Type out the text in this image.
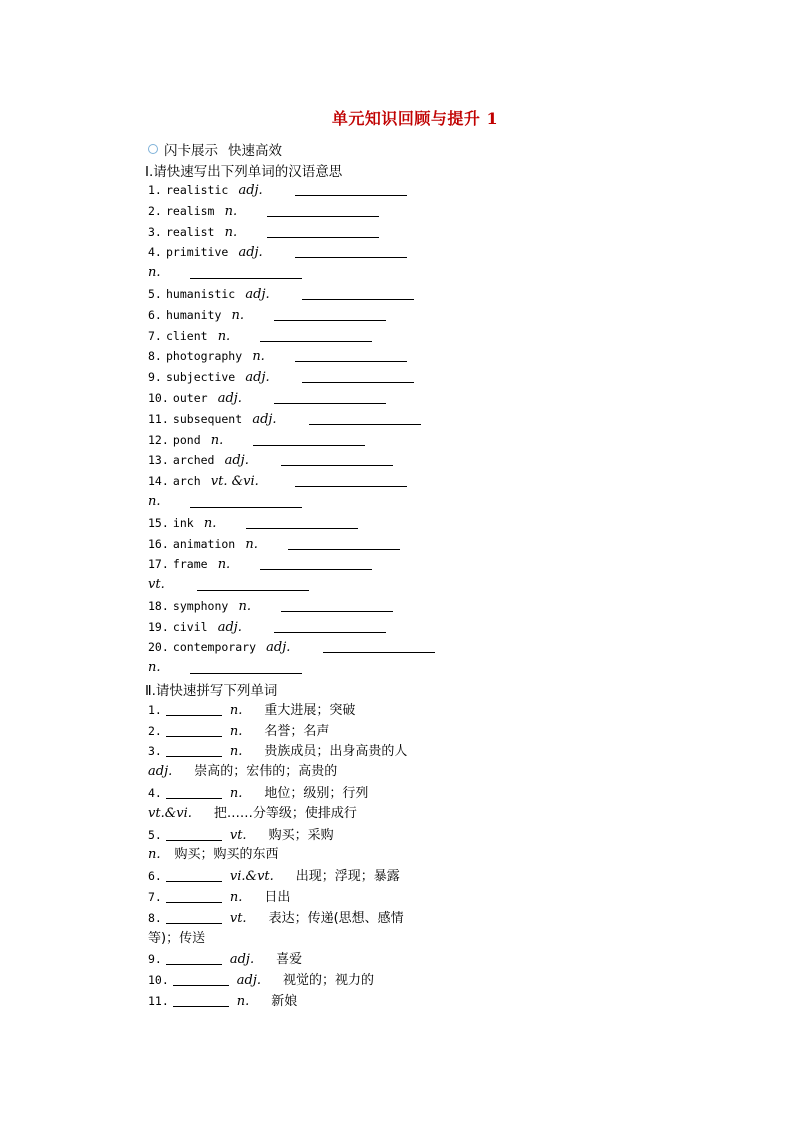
单元知识回顾与提升 1
闪卡展示 快速高效
Ⅰ.请快速写出下列单词的汉语意思
1. realistic adj.
2. realism n.
3. realist n.
4. primitive adj.
n.
5. humanistic adj.
6. humanity n.
7. client n.
8. photography n.
9. subjective adj.
10. outer adj.
11. subsequent adj.
12. pond n.
13. arched adj.
14. arch vt. &vi.
n.
15. ink n.
16. animation n.
17. frame n.
vt.
18. symphony n.
19. civil adj.
20. contemporary adj.
n.
Ⅱ.请快速拼写下列单词
1.	n. 重大进展；突破
2.	n. 名誉；名声
3.	n. 贵族成员；出身高贵的人
adj. 崇高的；宏伟的；高贵的
4.	n. 地位；级别；行列
vt.&vi. 把……分等级；使排成行
5.	vt. 购买；采购
n. 购买；购买的东西
6.	vi.&vt. 出现；浮现；暴露
7.	n. 日出
8.	vt. 表达；传递(思想、感情
等)；传送
9.	adj. 喜爱
10.	adj. 视觉的；视力的
11.	n. 新娘
